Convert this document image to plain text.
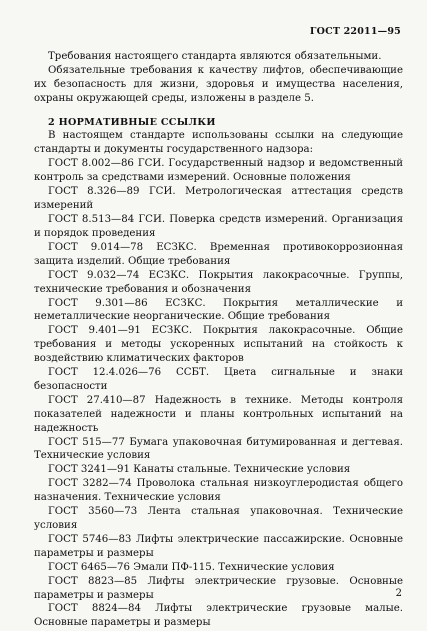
ГОСТ 22011—95

Требования настоящего стандарта являются обязательными.

Обязательные требования к качеству лифтов, обеспечивающие их безопасность для жизни, здоровья и имущества населения, охраны окружающей среды, изложены в разделе 5.

2 НОРМАТИВНЫЕ ССЫЛКИ

В настоящем стандарте использованы ссылки на следующие стандарты и документы государственного надзора:

ГОСТ 8.002—86 ГСИ. Государственный надзор и ведомственный контроль за средствами измерений. Основные положения

ГОСТ 8.326—89 ГСИ. Метрологическая аттестация средств измерений

ГОСТ 8.513—84 ГСИ. Поверка средств измерений. Организация и порядок проведения

ГОСТ 9.014—78 ЕСЗКС. Временная противокоррозионная защита изделий. Общие требования

ГОСТ 9.032—74 ЕСЗКС. Покрытия лакокрасочные. Группы, технические требования и обозначения

ГОСТ 9.301—86 ЕСЗКС. Покрытия металлические и неметаллические неорганические. Общие требования

ГОСТ 9.401—91 ЕСЗКС. Покрытия лакокрасочные. Общие требования и методы ускоренных испытаний на стойкость к воздействию климатических факторов

ГОСТ 12.4.026—76 ССБТ. Цвета сигнальные и знаки безопасности

ГОСТ 27.410—87 Надежность в технике. Методы контроля показателей надежности и планы контрольных испытаний на надежность

ГОСТ 515—77 Бумага упаковочная битумированная и дегтевая. Технические условия

ГОСТ 3241—91 Канаты стальные. Технические условия

ГОСТ 3282—74 Проволока стальная низкоуглеродистая общего назначения. Технические условия

ГОСТ 3560—73 Лента стальная упаковочная. Технические условия

ГОСТ 5746—83 Лифты электрические пассажирские. Основные параметры и размеры

ГОСТ 6465—76 Эмали ПФ-115. Технические условия

ГОСТ 8823—85 Лифты электрические грузовые. Основные параметры и размеры

ГОСТ 8824—84 Лифты электрические грузовые малые. Основные параметры и размеры

2
